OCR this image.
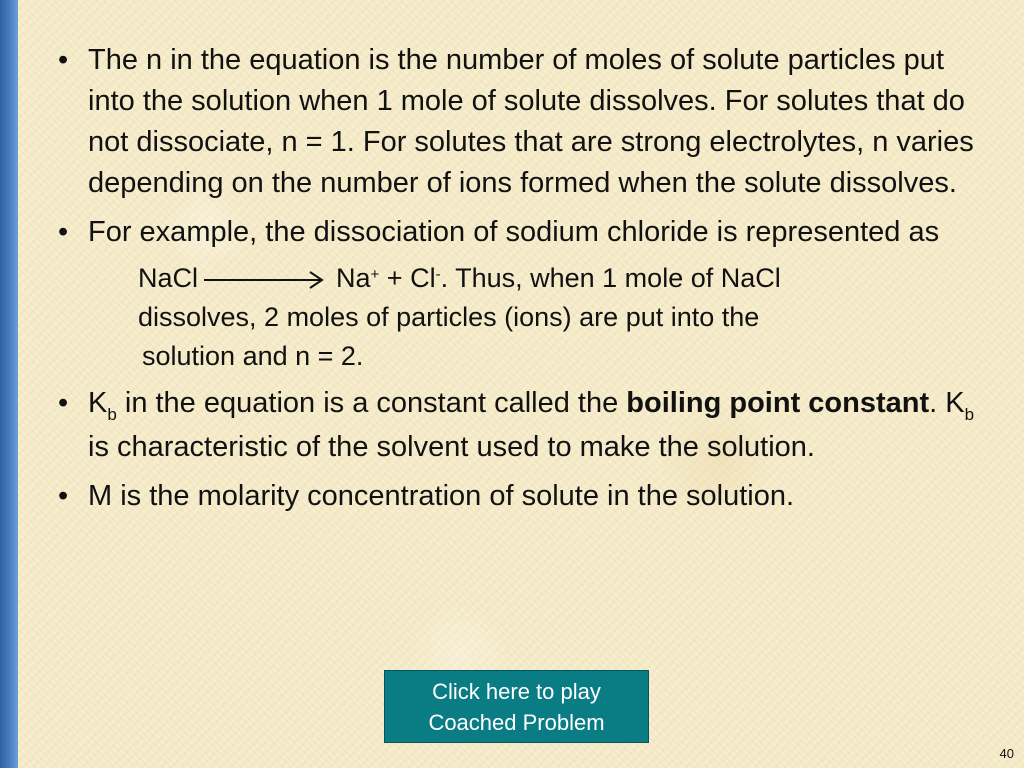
• The n in the equation is the number of moles of solute particles put into the solution when 1 mole of solute dissolves. For solutes that do not dissociate, n = 1. For solutes that are strong electrolytes, n varies depending on the number of ions formed when the solute dissolves.
• For example, the dissociation of sodium chloride is represented as
NaCl	Na+ + Cl-. Thus, when 1 mole of NaCl
dissolves, 2 moles of particles (ions) are put into the
solution and n = 2.
• $K_b$ in the equation is a constant called the boiling point constant. $K_b$ is characteristic of the solvent used to make the solution.
• M is the molarity concentration of solute in the solution.
Click here to play
Coached Problem
40
